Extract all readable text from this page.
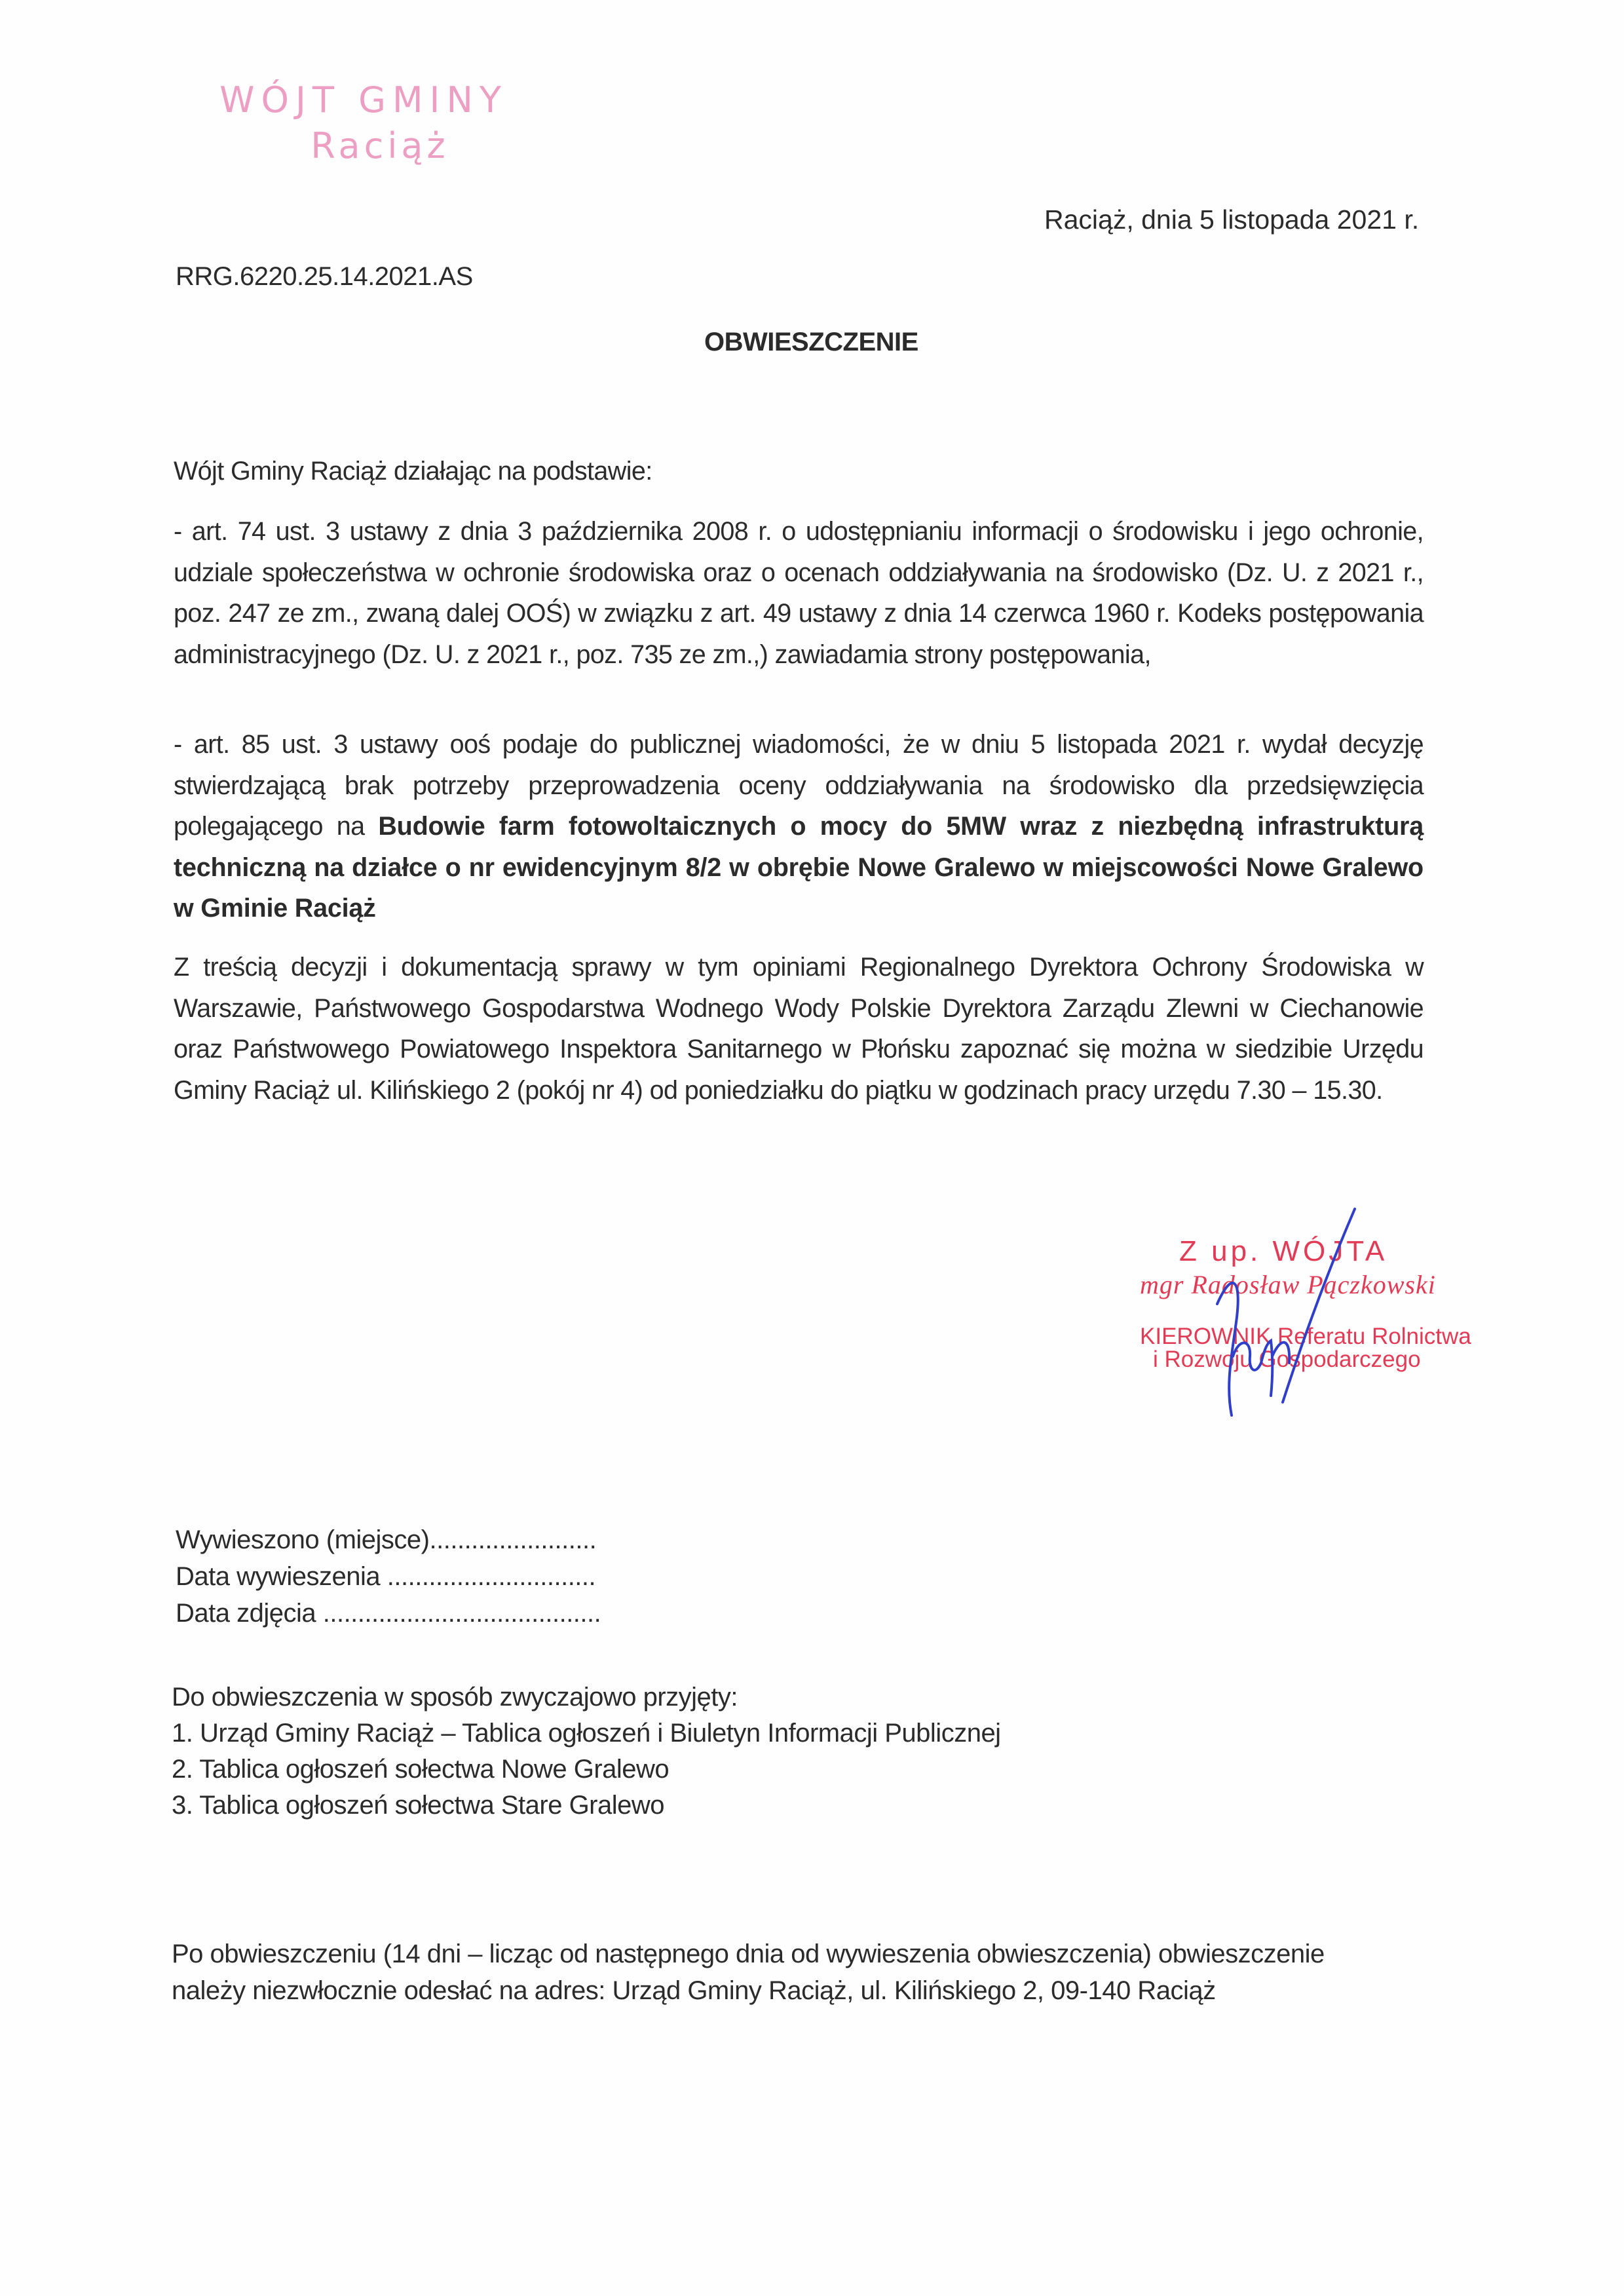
WÓJT GMINY
Raciąż
Raciąż, dnia 5 listopada 2021 r.
RRG.6220.25.14.2021.AS
OBWIESZCZENIE

Wójt Gminy Raciąż działając na podstawie:

- art. 74 ust. 3 ustawy z dnia 3 października 2008 r. o udostępnianiu informacji o środowisku i jego ochronie, udziale społeczeństwa w ochronie środowiska oraz o ocenach oddziaływania na środowisko (Dz. U. z 2021 r., poz. 247 ze zm., zwaną dalej OOŚ) w związku z art. 49 ustawy z dnia 14 czerwca 1960 r. Kodeks postępowania administracyjnego (Dz. U. z 2021 r., poz. 735 ze zm.,) zawiadamia strony postępowania,

- art. 85 ust. 3 ustawy ooś podaje do publicznej wiadomości, że w dniu 5 listopada 2021 r. wydał decyzję stwierdzającą brak potrzeby przeprowadzenia oceny oddziaływania na środowisko dla przedsięwzięcia polegającego na Budowie farm fotowoltaicznych o mocy do 5MW wraz z niezbędną infrastrukturą techniczną na działce o nr ewidencyjnym 8/2 w obrębie Nowe Gralewo w miejscowości Nowe Gralewo w Gminie Raciąż

Z treścią decyzji i dokumentacją sprawy w tym opiniami Regionalnego Dyrektora Ochrony Środowiska w Warszawie, Państwowego Gospodarstwa Wodnego Wody Polskie Dyrektora Zarządu Zlewni w Ciechanowie oraz Państwowego Powiatowego Inspektora Sanitarnego w Płońsku zapoznać się można w siedzibie Urzędu Gminy Raciąż ul. Kilińskiego 2 (pokój nr 4) od poniedziałku do piątku w godzinach pracy urzędu 7.30 – 15.30.

Z up. WÓJTA
mgr Radosław Pączkowski
KIEROWNIK Referatu Rolnictwa
i Rozwoju Gospodarczego
Wywieszono (miejsce)........................
Data wywieszenia ..............................
Data zdjęcia ........................................
Do obwieszczenia w sposób zwyczajowo przyjęty:
1. Urząd Gminy Raciąż – Tablica ogłoszeń i Biuletyn Informacji Publicznej
2. Tablica ogłoszeń sołectwa Nowe Gralewo
3. Tablica ogłoszeń sołectwa Stare Gralewo
Po obwieszczeniu (14 dni – licząc od następnego dnia od wywieszenia obwieszczenia) obwieszczenie
należy niezwłocznie odesłać na adres: Urząd Gminy Raciąż, ul. Kilińskiego 2, 09-140 Raciąż
